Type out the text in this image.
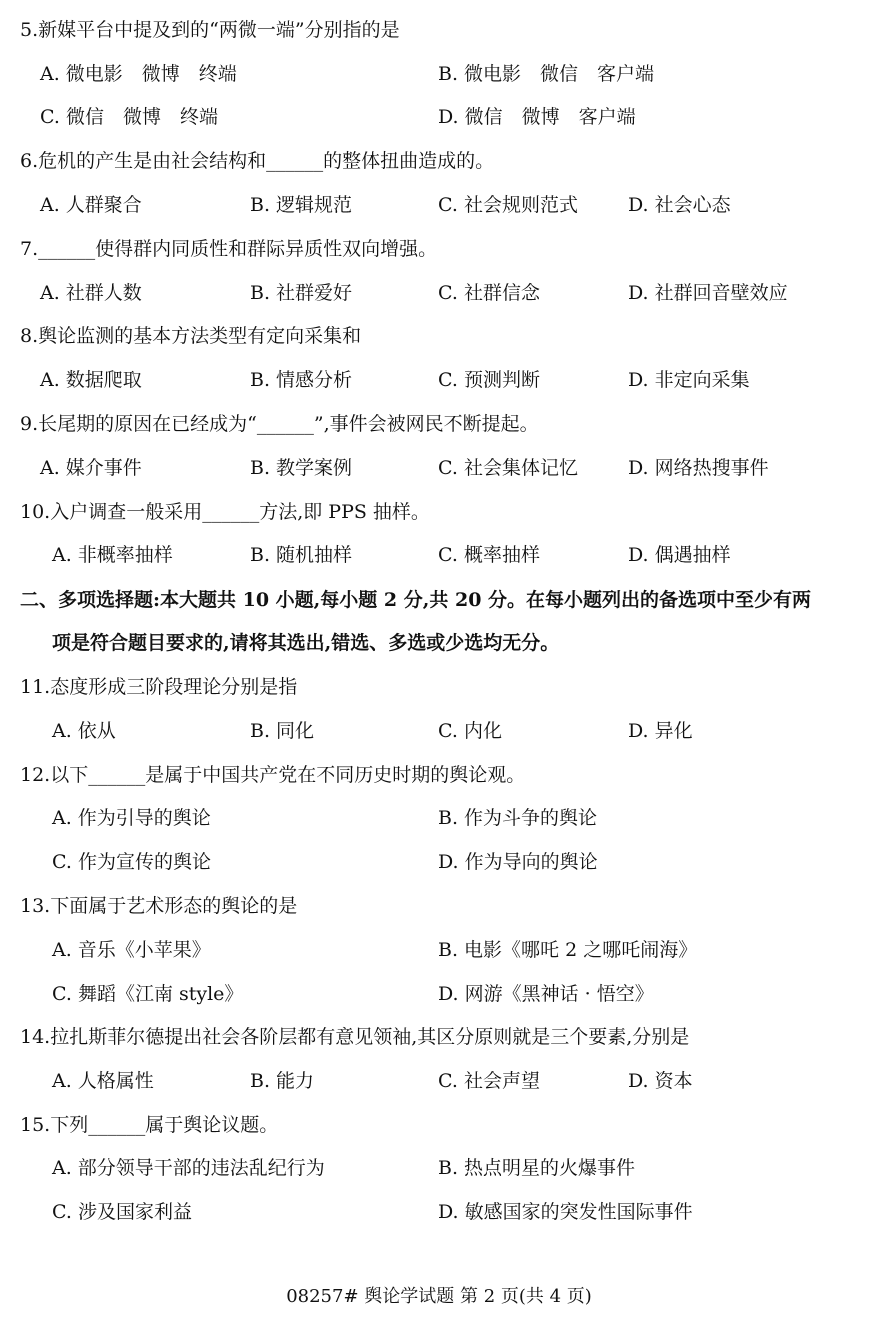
5.新媒平台中提及到的“两微一端”分别指的是
A. 微电影　微博　终端	B. 微电影　微信　客户端
C. 微信　微博　终端	D. 微信　微博　客户端
6.危机的产生是由社会结构和______的整体扭曲造成的。
A. 人群聚合	B. 逻辑规范	C. 社会规则范式	D. 社会心态
7.______使得群内同质性和群际异质性双向增强。
A. 社群人数	B. 社群爱好	C. 社群信念	D. 社群回音壁效应
8.舆论监测的基本方法类型有定向采集和
A. 数据爬取	B. 情感分析	C. 预测判断	D. 非定向采集
9.长尾期的原因在已经成为“______”,事件会被网民不断提起。
A. 媒介事件	B. 教学案例	C. 社会集体记忆	D. 网络热搜事件
10.入户调查一般采用______方法,即 PPS 抽样。
A. 非概率抽样	B. 随机抽样	C. 概率抽样	D. 偶遇抽样
二、多项选择题:本大题共 10 小题,每小题 2 分,共 20 分。在每小题列出的备选项中至少有两
项是符合题目要求的,请将其选出,错选、多选或少选均无分。
11.态度形成三阶段理论分别是指
A. 依从	B. 同化	C. 内化	D. 异化
12.以下______是属于中国共产党在不同历史时期的舆论观。
A. 作为引导的舆论	B. 作为斗争的舆论
C. 作为宣传的舆论	D. 作为导向的舆论
13.下面属于艺术形态的舆论的是
A. 音乐《小苹果》	B. 电影《哪吒 2 之哪吒闹海》
C. 舞蹈《江南 style》	D. 网游《黑神话 · 悟空》
14.拉扎斯菲尔德提出社会各阶层都有意见领袖,其区分原则就是三个要素,分别是
A. 人格属性	B. 能力	C. 社会声望	D. 资本
15.下列______属于舆论议题。
A. 部分领导干部的违法乱纪行为	B. 热点明星的火爆事件
C. 涉及国家利益	D. 敏感国家的突发性国际事件
08257# 舆论学试题 第 2 页(共 4 页)
